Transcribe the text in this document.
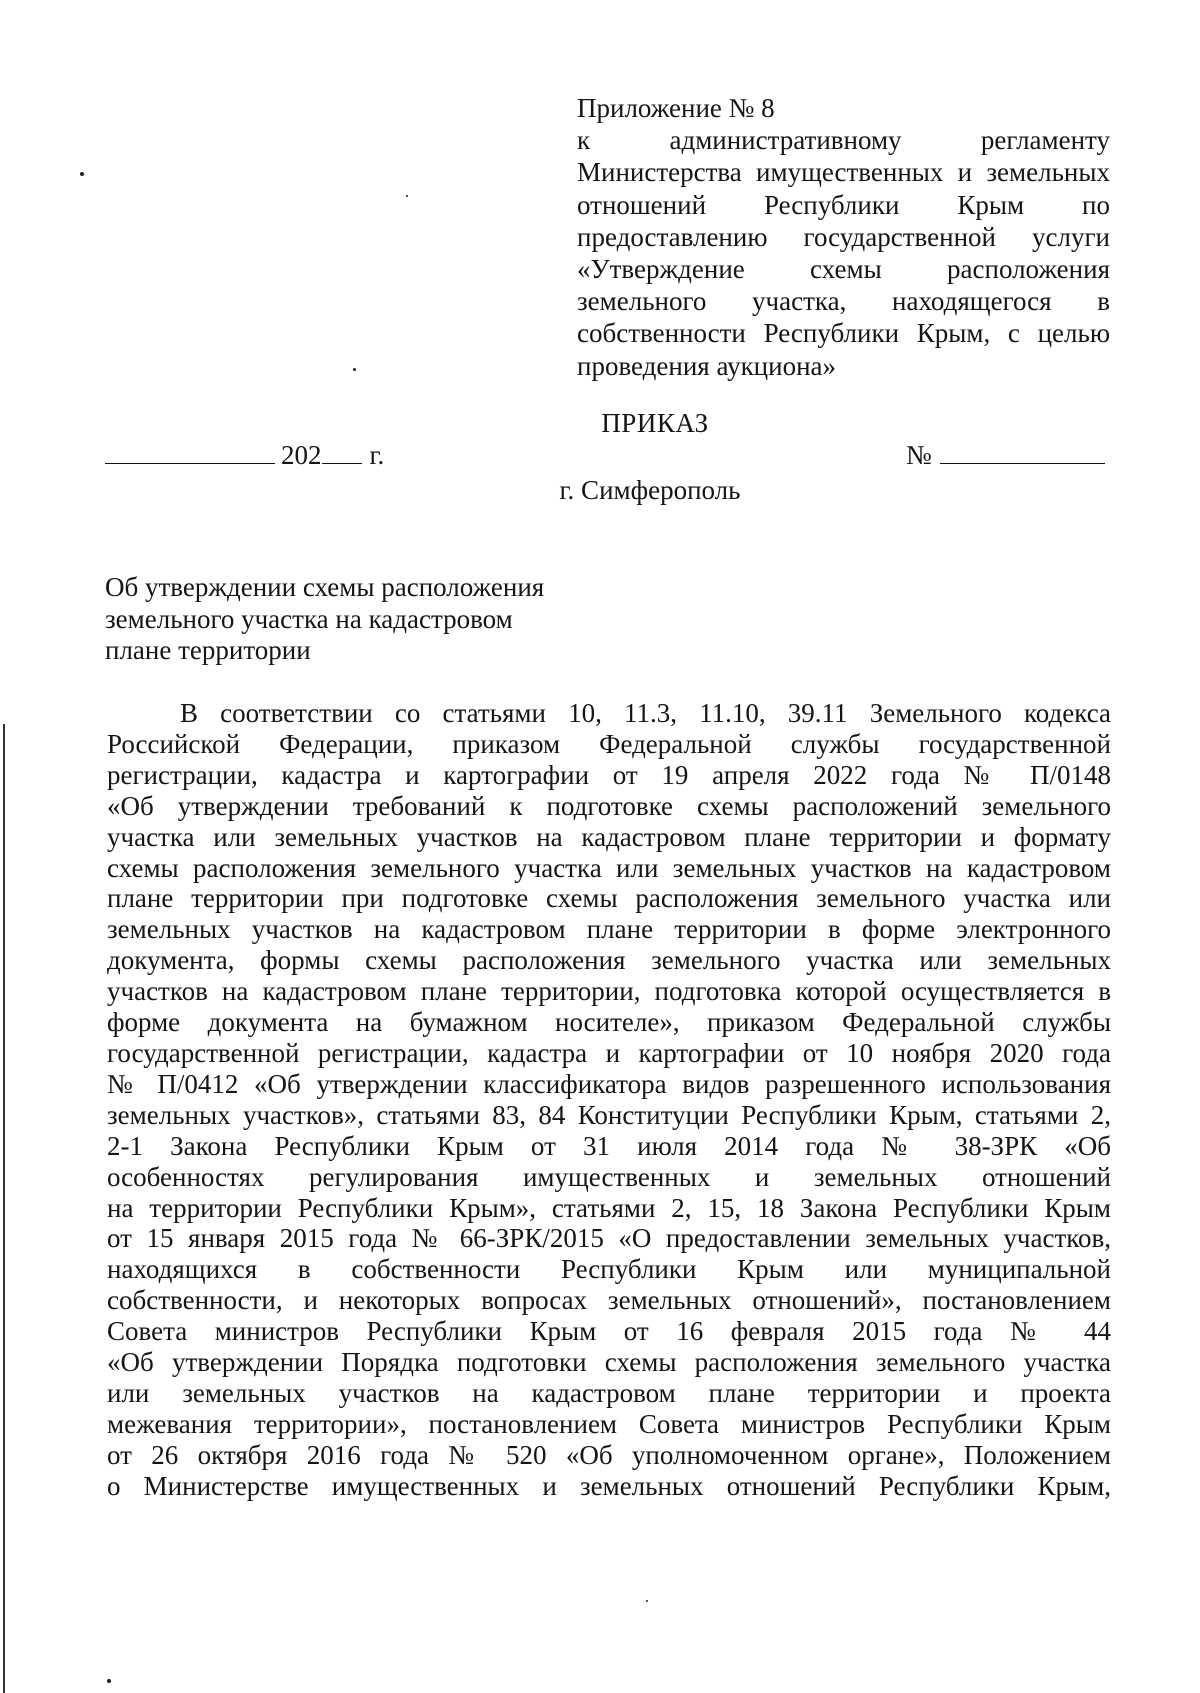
Приложение № 8
к административному регламенту
Министерства имущественных и земельных
отношений Республики Крым по
предоставлению государственной услуги
«Утверждение схемы расположения
земельного участка, находящегося в
собственности Республики Крым, с целью
проведения аукциона»
ПРИКАЗ
202 г.	№
г. Симферополь
Об утверждении схемы расположения
земельного участка на кадастровом
плане территории
В соответствии со статьями 10, 11.3, 11.10, 39.11 Земельного кодекса
Российской Федерации, приказом Федеральной службы государственной
регистрации, кадастра и картографии от 19 апреля 2022 года № П/0148
«Об утверждении требований к подготовке схемы расположений земельного
участка или земельных участков на кадастровом плане территории и формату
схемы расположения земельного участка или земельных участков на кадастровом
плане территории при подготовке схемы расположения земельного участка или
земельных участков на кадастровом плане территории в форме электронного
документа, формы схемы расположения земельного участка или земельных
участков на кадастровом плане территории, подготовка которой осуществляется в
форме документа на бумажном носителе», приказом Федеральной службы
государственной регистрации, кадастра и картографии от 10 ноября 2020 года
№ П/0412 «Об утверждении классификатора видов разрешенного использования
земельных участков», статьями 83, 84 Конституции Республики Крым, статьями 2,
2-1 Закона Республики Крым от 31 июля 2014 года № 38-ЗРК «Об
особенностях регулирования имущественных и земельных отношений
на территории Республики Крым», статьями 2, 15, 18 Закона Республики Крым
от 15 января 2015 года № 66-ЗРК/2015 «О предоставлении земельных участков,
находящихся в собственности Республики Крым или муниципальной
собственности, и некоторых вопросах земельных отношений», постановлением
Совета министров Республики Крым от 16 февраля 2015 года № 44
«Об утверждении Порядка подготовки схемы расположения земельного участка
или земельных участков на кадастровом плане территории и проекта
межевания территории», постановлением Совета министров Республики Крым
от 26 октября 2016 года № 520 «Об уполномоченном органе», Положением
о Министерстве имущественных и земельных отношений Республики Крым,
